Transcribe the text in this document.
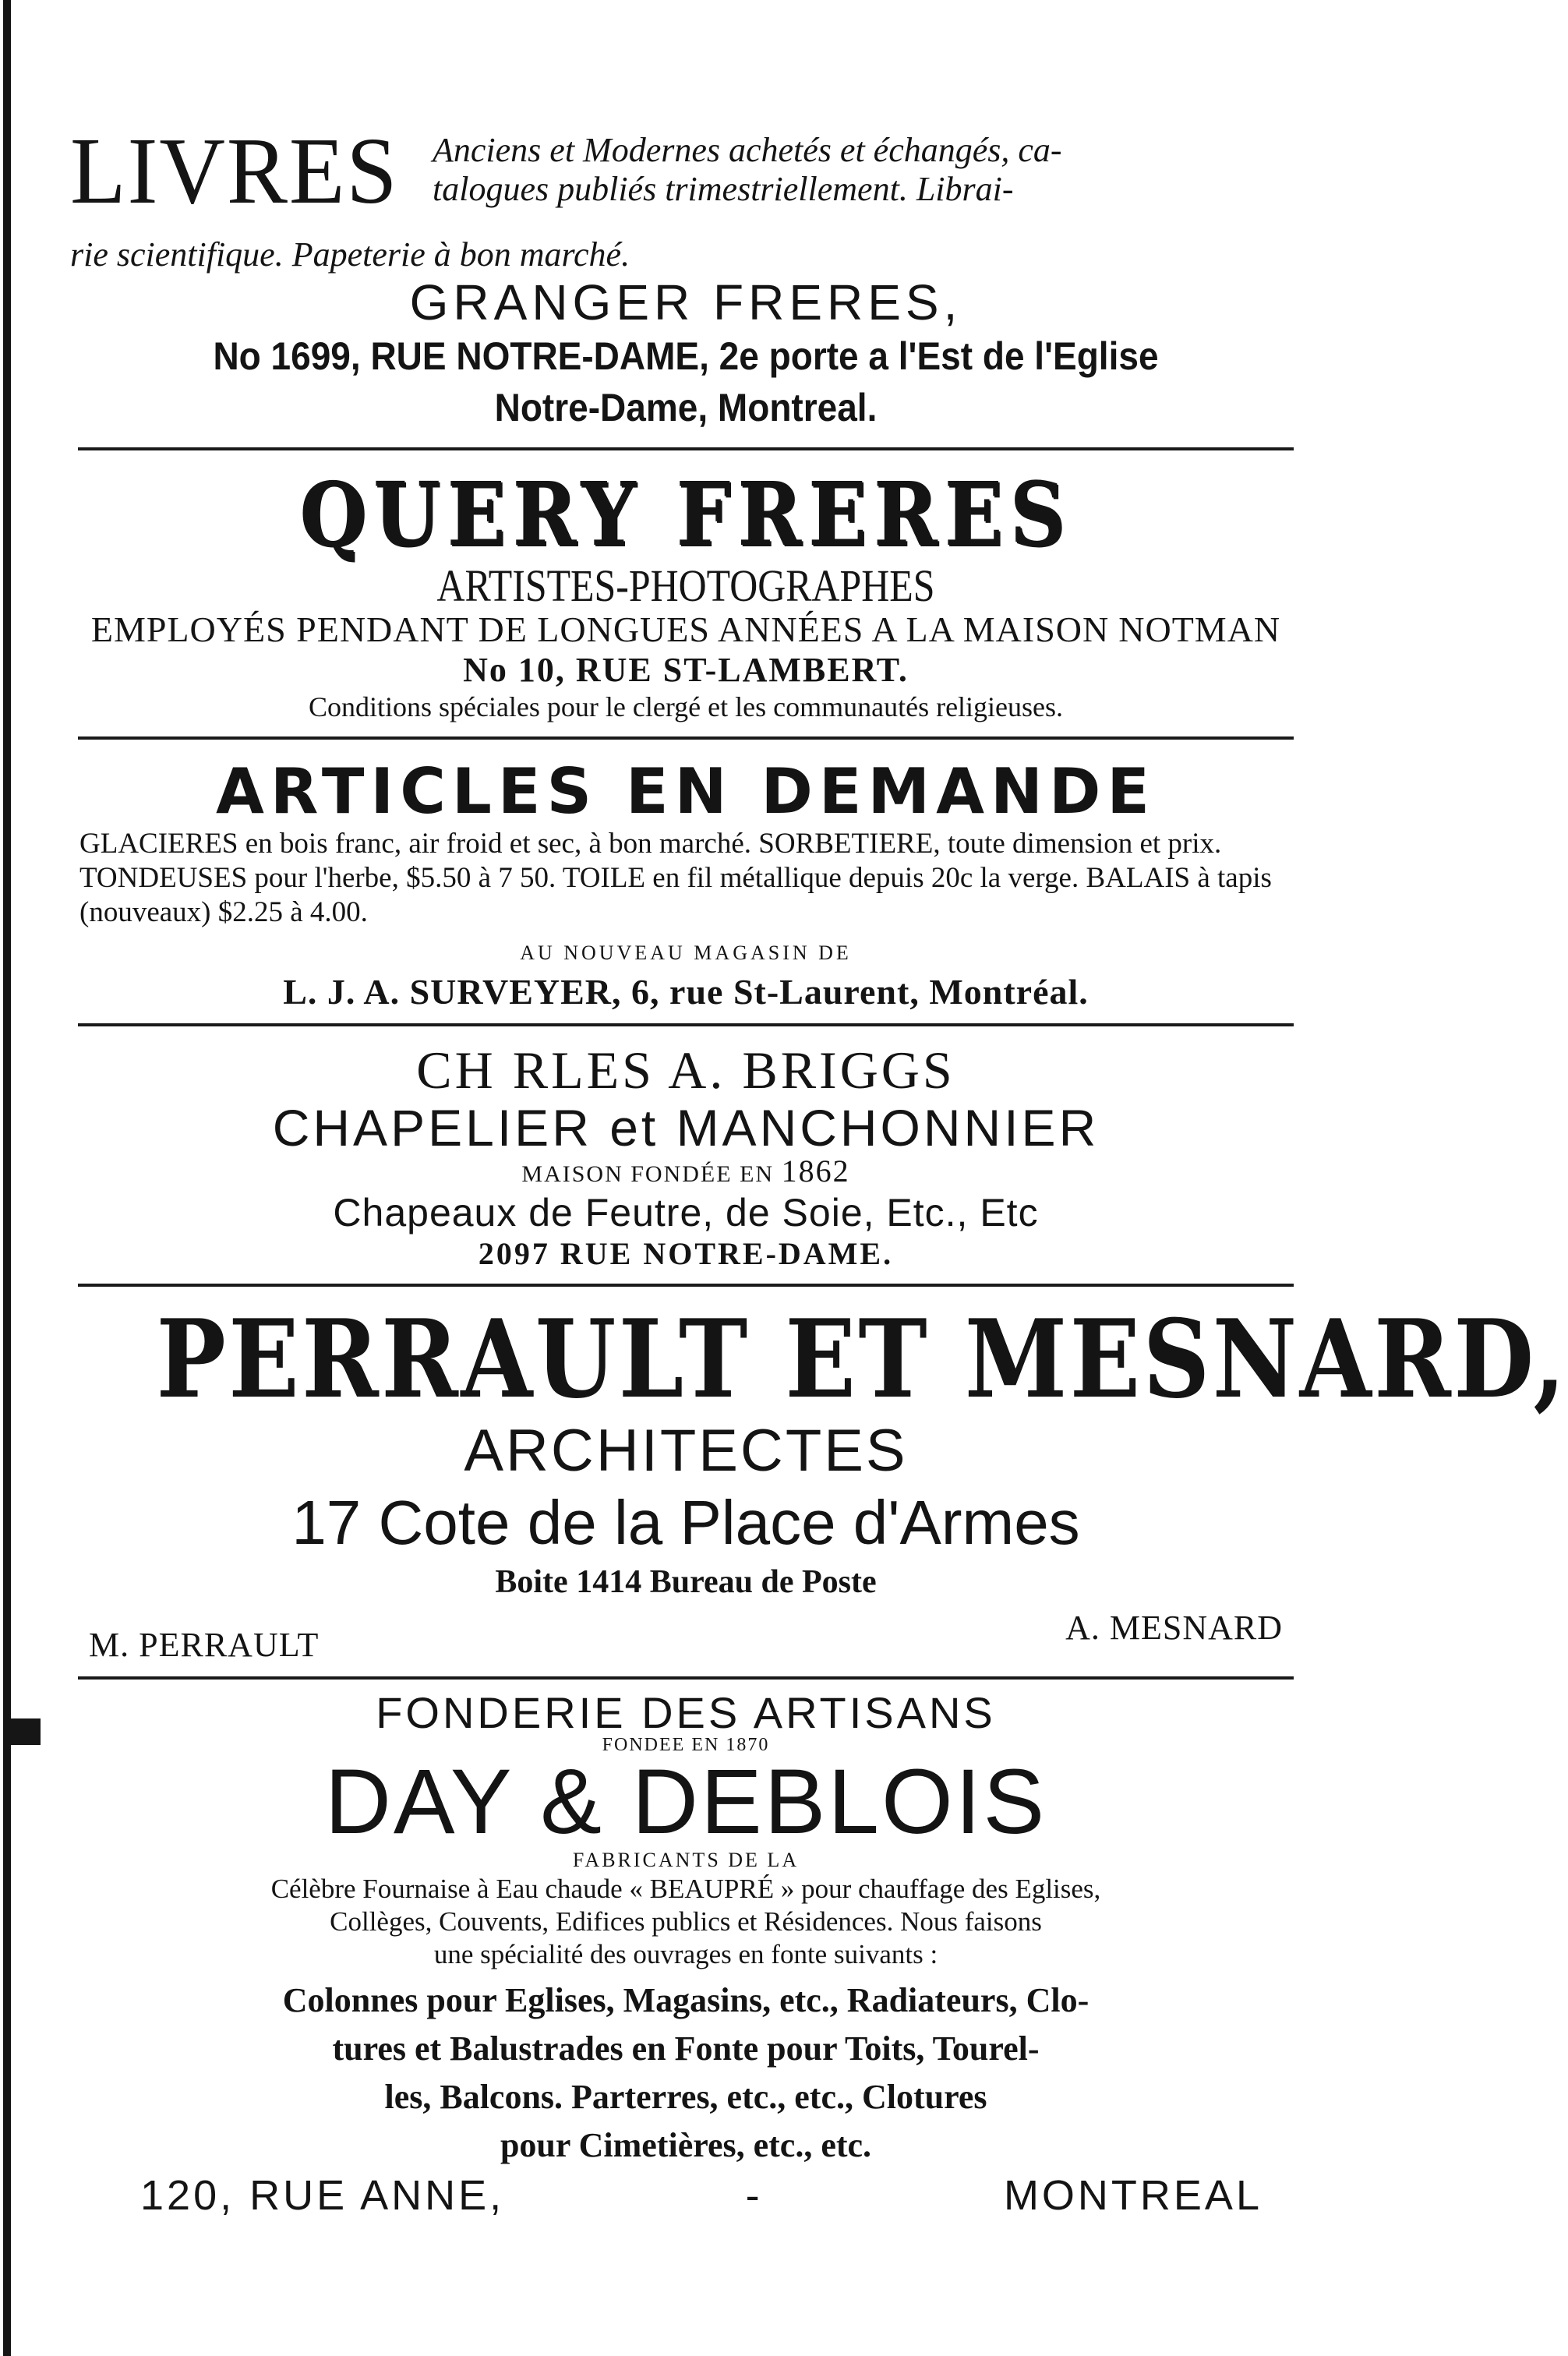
LIVRES Anciens et Modernes achetés et échangés, ca-
talogues publiés trimestriellement. Librai-
rie scientifique. Papeterie à bon marché.
GRANGER FRERES,
No 1699, RUE NOTRE-DAME, 2e porte a l'Est de l'Eglise
Notre-Dame, Montreal.
QUERY FRERES
ARTISTES-PHOTOGRAPHES
EMPLOYÉS PENDANT DE LONGUES ANNÉES A LA MAISON NOTMAN
No 10, RUE ST-LAMBERT.
Conditions spéciales pour le clergé et les communautés religieuses.
ARTICLES EN DEMANDE
GLACIERES en bois franc, air froid et sec, à bon marché. SORBETIERE, toute dimension et prix. TONDEUSES pour l'herbe, $5.50 à 7 50. TOILE en fil métallique depuis 20c la verge. BALAIS à tapis (nouveaux) $2.25 à 4.00.
AU NOUVEAU MAGASIN DE
L. J. A. SURVEYER, 6, rue St-Laurent, Montréal.
CH RLES A. BRIGGS
CHAPELIER et MANCHONNIER
MAISON FONDÉE EN 1862
Chapeaux de Feutre, de Soie, Etc., Etc
2097 RUE NOTRE-DAME.
PERRAULT ET MESNARD,
ARCHITECTES
17 Cote de la Place d'Armes
Boite 1414 Bureau de Poste
M. PERRAULT	A. MESNARD
FONDERIE DES ARTISANS
FONDEE EN 1870
DAY & DEBLOIS
FABRICANTS DE LA
Célèbre Fournaise à Eau chaude « BEAUPRÉ » pour chauffage des Eglises,
Collèges, Couvents, Edifices publics et Résidences. Nous faisons
une spécialité des ouvrages en fonte suivants :
Colonnes pour Eglises, Magasins, etc., Radiateurs, Clo-
tures et Balustrades en Fonte pour Toits, Tourel-
les, Balcons. Parterres, etc., etc., Clotures
pour Cimetières, etc., etc.
120, RUE ANNE,	-	MONTREAL
